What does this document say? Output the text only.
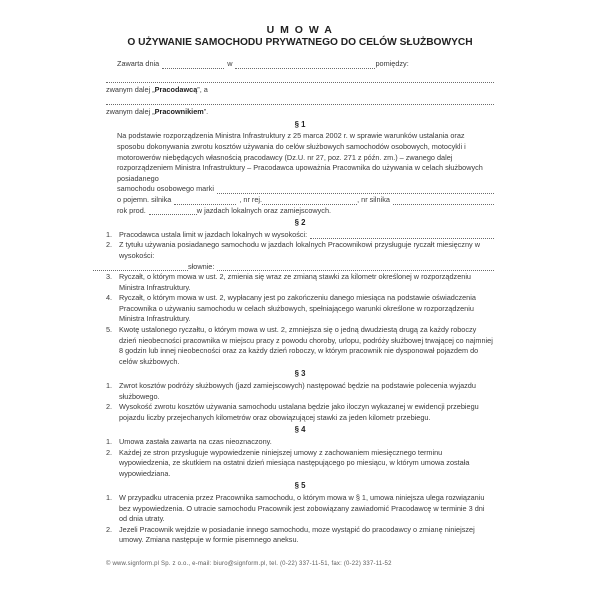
U M O W A
O UŻYWANIE SAMOCHODU PRYWATNEGO DO CELÓW SŁUŻBOWYCH
Zawarta dnia	w	pomiędzy:

zwanym dalej „Pracodawcą”, a

zwanym dalej „Pracownikiem”.

§ 1

Na podstawie rozporządzenia Ministra Infrastruktury z 25 marca 2002 r. w sprawie warunków ustalania oraz sposobu dokonywania zwrotu kosztów używania do celów służbowych samochodów osobowych, motocykli i motorowerów niebędących własnością pracodawcy (Dz.U. nr 27, poz. 271 z późn. zm.) – zwanego dalej rozporządzeniem Ministra Infrastruktury – Pracodawca upoważnia Pracownika do używania w celach służbowych posiadanego

samochodu osobowego marki
o pojemn. silnika	, nr rej.	, nr silnika
rok prod.	w jazdach lokalnych oraz zamiejscowych.
§ 2
1. Pracodawca ustala limit w jazdach lokalnych w wysokości:
2. Z tytułu używania posiadanego samochodu w jazdach lokalnych Pracownikowi przysługuje ryczałt miesięczny w wysokości:
słownie:
3. Ryczałt, o którym mowa w ust. 2, zmienia się wraz ze zmianą stawki za kilometr określonej w rozporządzeniu Ministra Infrastruktury.
4. Ryczałt, o którym mowa w ust. 2, wypłacany jest po zakończeniu danego miesiąca na podstawie oświadczenia Pracownika o używaniu samochodu w celach służbowych, spełniającego warunki określone w rozporządzeniu Ministra Infrastruktury.
5. Kwotę ustalonego ryczałtu, o którym mowa w ust. 2, zmniejsza się o jedną dwudziestą drugą za każdy roboczy dzień nieobecności pracownika w miejscu pracy z powodu choroby, urlopu, podróży służbowej trwającej co najmniej 8 godzin lub innej nieobecności oraz za każdy dzień roboczy, w którym pracownik nie dysponował pojazdem do celów służbowych.
§ 3
1. Zwrot kosztów podróży służbowych (jazd zamiejscowych) następować będzie na podstawie polecenia wyjazdu służbowego.
2. Wysokość zwrotu kosztów używania samochodu ustalana będzie jako iloczyn wykazanej w ewidencji przebiegu pojazdu liczby przejechanych kilometrów oraz obowiązującej stawki za jeden kilometr przebiegu.
§ 4
1. Umowa zastała zawarta na czas nieoznaczony.
2. Każdej ze stron przysługuje wypowiedzenie niniejszej umowy z zachowaniem miesięcznego terminu wypowiedzenia, ze skutkiem na ostatni dzień miesiąca następującego po miesiącu, w którym umowa została wypowiedziana.
§ 5
1. W przypadku utracenia przez Pracownika samochodu, o którym mowa w § 1, umowa niniejsza ulega rozwiązaniu bez wypowiedzenia. O utracie samochodu Pracownik jest zobowiązany zawiadomić Pracodawcę w terminie 3 dni od dnia utraty.
2. Jezeli Pracownik wejdzie w posiadanie innego samochodu, moze wystąpić do pracodawcy o zmianę niniejszej umowy. Zmiana następuje w formie pisemnego aneksu.
© www.signform.pl Sp. z o.o., e-mail: biuro@signform.pl, tel. (0-22) 337-11-51, fax: (0-22) 337-11-52
